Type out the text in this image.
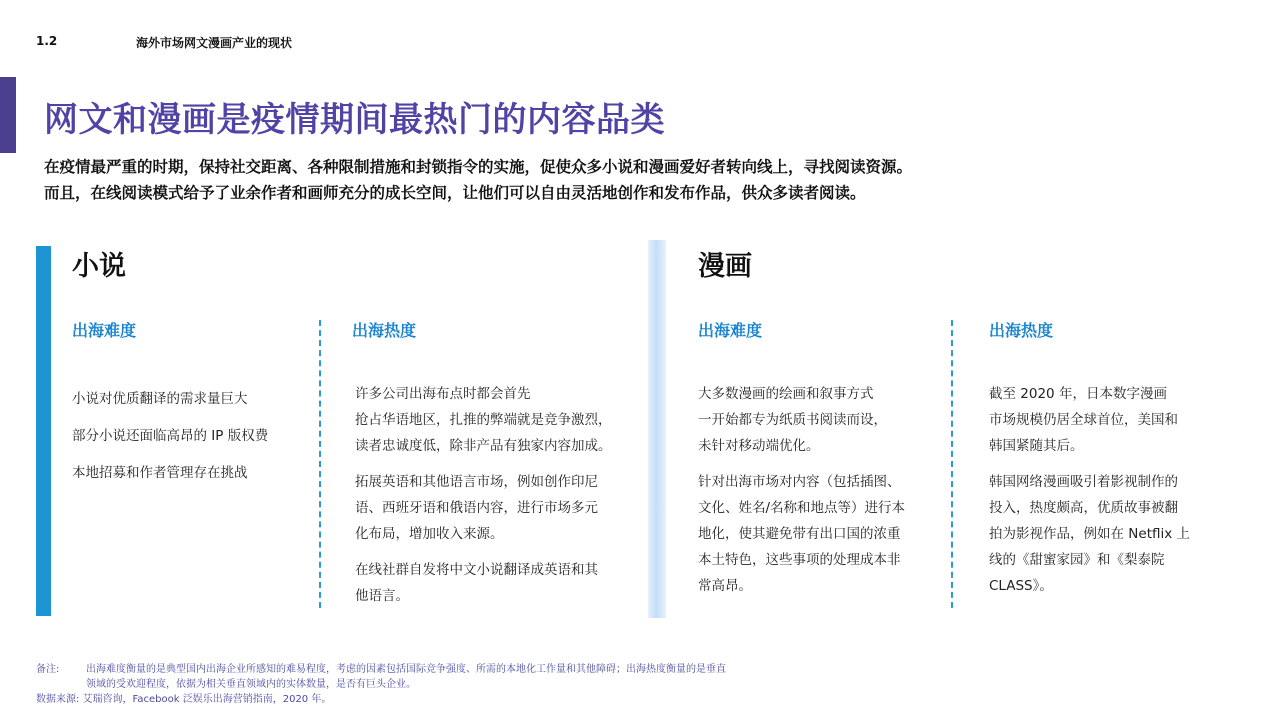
1.2	海外市场网文漫画产业的现状
网文和漫画是疫情期间最热门的内容品类
在疫情最严重的时期，保持社交距离、各种限制措施和封锁指令的实施，促使众多小说和漫画爱好者转向线上，寻找阅读资源。
而且，在线阅读模式给予了业余作者和画师充分的成长空间，让他们可以自由灵活地创作和发布作品，供众多读者阅读。
小说
出海难度
小说对优质翻译的需求量巨大
部分小说还面临高昂的 IP 版权费
本地招募和作者管理存在挑战
出海热度

许多公司出海布点时都会首先
抢占华语地区，扎推的弊端就是竞争激烈，
读者忠诚度低，除非产品有独家内容加成。

拓展英语和其他语言市场，例如创作印尼
语、西班牙语和俄语内容，进行市场多元
化布局，增加收入来源。

在线社群自发将中文小说翻译成英语和其
他语言。

漫画
出海难度

大多数漫画的绘画和叙事方式
一开始都专为纸质书阅读而设，
未针对移动端优化。

针对出海市场对内容（包括插图、
文化、姓名/名称和地点等）进行本
地化，使其避免带有出口国的浓重
本土特色，这些事项的处理成本非
常高昂。

出海热度

截至 2020 年，日本数字漫画
市场规模仍居全球首位，美国和
韩国紧随其后。

韩国网络漫画吸引着影视制作的
投入，热度颇高，优质故事被翻
拍为影视作品，例如在 Netflix 上
线的《甜蜜家园》和《梨泰院
CLASS》。

备注:	出海难度衡量的是典型国内出海企业所感知的难易程度，考虑的因素包括国际竞争强度、所需的本地化工作量和其他障碍；出海热度衡量的是垂直
领域的受欢迎程度，依据为相关垂直领域内的实体数量，是否有巨头企业。
数据来源: 艾瑞咨询，Facebook 泛娱乐出海营销指南，2020 年。
